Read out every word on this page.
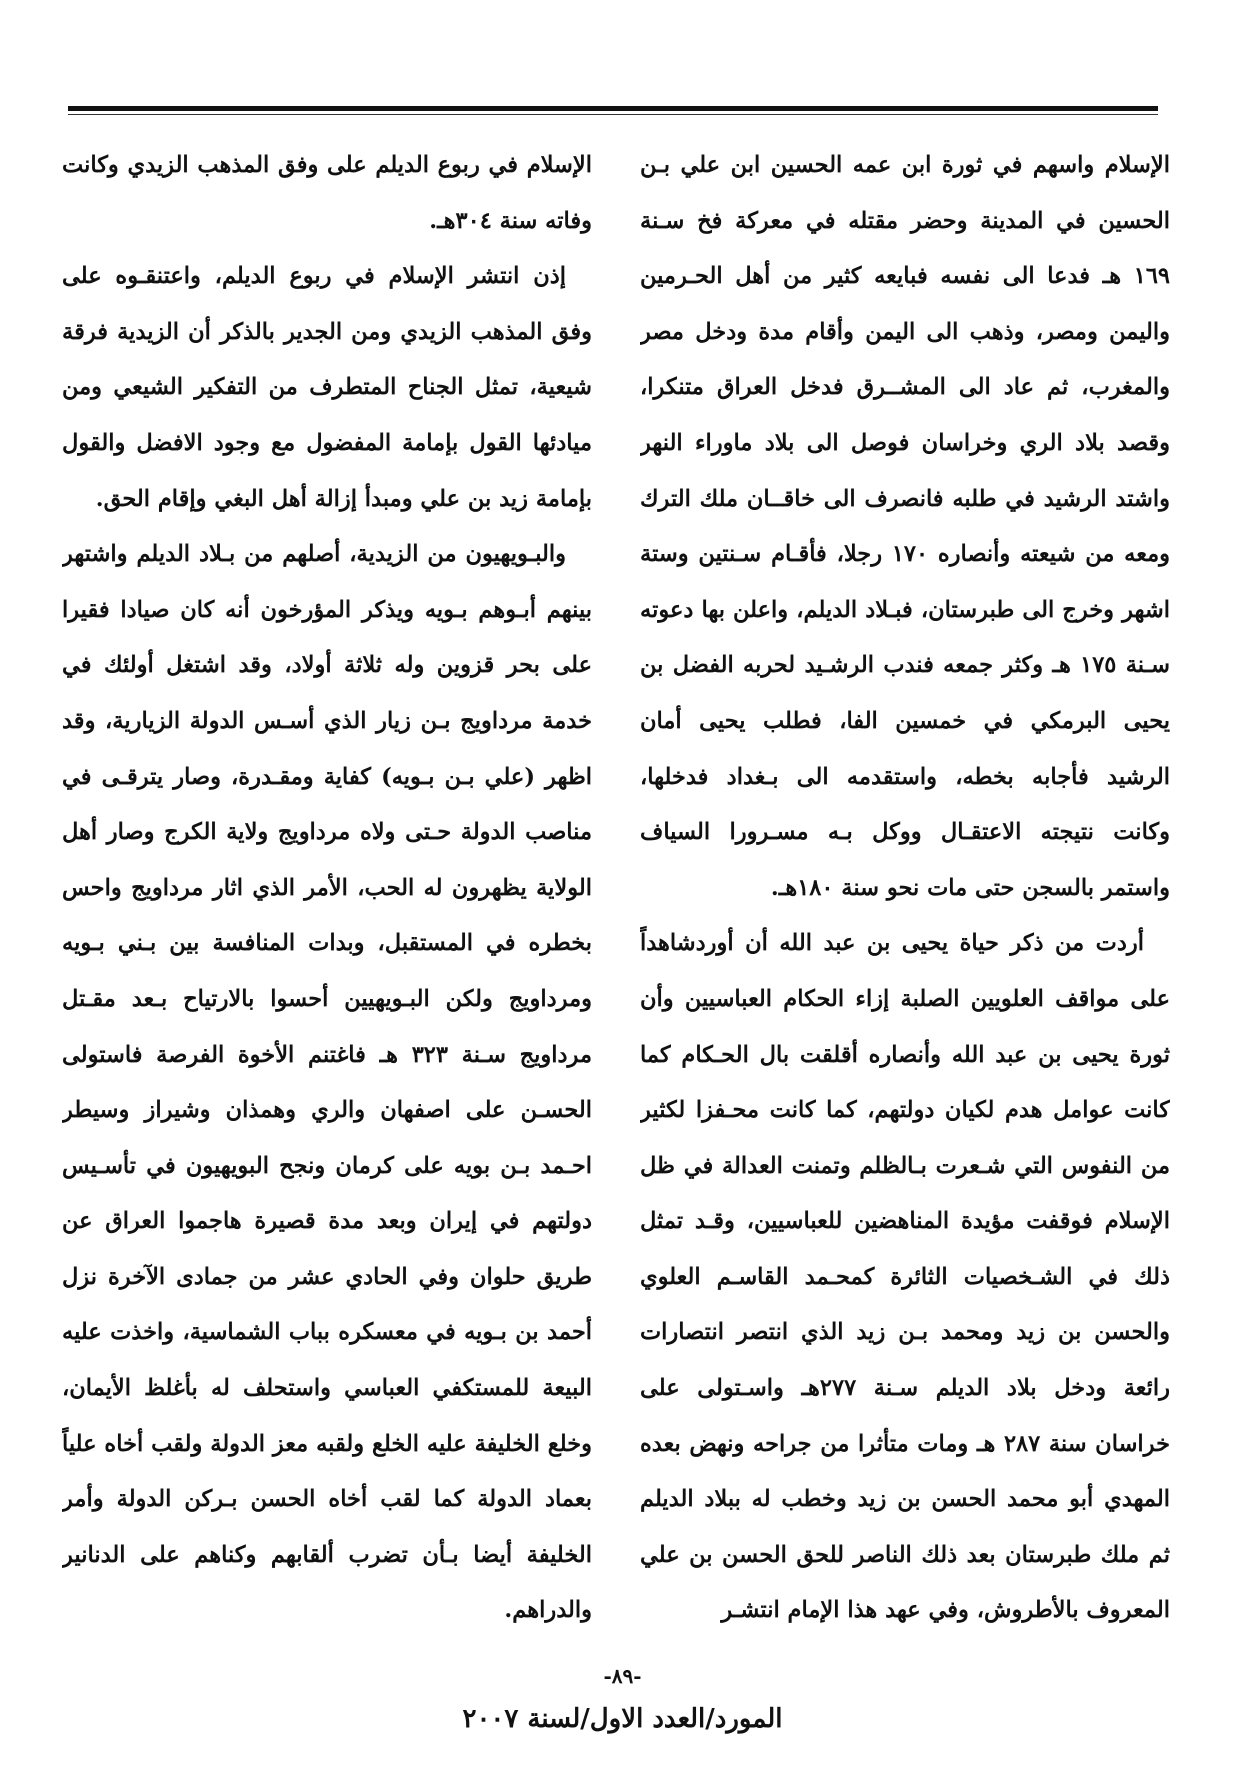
الإسلام واسهم في ثورة ابن عمه الحسين ابن علي بـن الحسين في المدينة وحضر مقتله في معركة فخ سـنة ١٦٩ هـ فدعا الى نفسه فبايعه كثير من أهل الحـرمين واليمن ومصر، وذهب الى اليمن وأقام مدة ودخل مصر والمغرب، ثم عاد الى المشــرق فدخل العراق متنكرا، وقصد بلاد الري وخراسان فوصل الى بلاد ماوراء النهر واشتد الرشيد في طلبه فانصرف الى خاقــان ملك الترك ومعه من شيعته وأنصاره ١٧٠ رجلا، فأقـام سـنتين وستة اشهر وخرج الى طبرستان، فبـلاد الديلم، واعلن بها دعوته سـنة ١٧٥ هـ وكثر جمعه فندب الرشـيد لحربه الفضل بن يحيى البرمكي في خمسين الفا، فطلب يحيى أمان الرشيد فأجابه بخطه، واستقدمه الى بـغداد فدخلها، وكانت نتيجته الاعتقـال ووكل بـه مسـرورا السياف واستمر بالسجن حتى مات نحو سنة ١٨٠هـ.

أردت من ذكر حياة يحيى بن عبد الله أن أوردشاهداً على مواقف العلويين الصلبة إزاء الحكام العباسيين وأن ثورة يحيى بن عبد الله وأنصاره أقلقت بال الحـكام كما كانت عوامل هدم لكيان دولتهم، كما كانت محـفزا لكثير من النفوس التي شـعرت بـالظلم وتمنت العدالة في ظل الإسلام فوقفت مؤيدة المناهضين للعباسيين، وقـد تمثل ذلك في الشـخصيات الثائرة كمحـمد القاسـم العلوي والحسن بن زيد ومحمد بـن زيد الذي انتصر انتصارات رائعة ودخل بلاد الديلم سـنة ٢٧٧هـ واسـتولى على خراسان سنة ٢٨٧ هـ ومات متأثرا من جراحه ونهض بعده المهدي أبو محمد الحسن بن زيد وخطب له ببلاد الديلم ثم ملك طبرستان بعد ذلك الناصر للحق الحسن بن علي المعروف بالأطروش، وفي عهد هذا الإمام انتشـر

الإسلام في ربوع الديلم على وفق المذهب الزيدي وكانت وفاته سنة ٣٠٤هـ.

إذن انتشر الإسلام في ربوع الديلم، واعتنقـوه على وفق المذهب الزيدي ومن الجدير بالذكر أن الزيدية فرقة شيعية، تمثل الجناح المتطرف من التفكير الشيعي ومن ميادئها القول بإمامة المفضول مع وجود الافضل والقول بإمامة زيد بن علي ومبدأ إزالة أهل البغي وإقام الحق.

والبـويهيون من الزيدية، أصلهم من بـلاد الديلم واشتهر بينهم أبـوهم بـويه ويذكر المؤرخون أنه كان صيادا فقيرا على بحر قزوين وله ثلاثة أولاد، وقد اشتغل أولئك في خدمة مرداويج بـن زيار الذي أسـس الدولة الزيارية، وقد اظهر (علي بـن بـويه) كفاية ومقـدرة، وصار يترقـى في مناصب الدولة حـتى ولاه مرداويج ولاية الكرج وصار أهل الولاية يظهرون له الحب، الأمر الذي اثار مرداويج واحس بخطره في المستقبل، وبدات المنافسة بين بـني بـويه ومرداويج ولكن البـويهيين أحسوا بالارتياح بـعد مقـتل مرداويج سـنة ٣٢٣ هـ فاغتنم الأخوة الفرصة فاستولى الحسـن على اصفهان والري وهمذان وشيراز وسيطر احـمد بـن بويه على كرمان ونجح البويهيون في تأسـيس دولتهم في إيران وبعد مدة قصيرة هاجموا العراق عن طريق حلوان وفي الحادي عشر من جمادى الآخرة نزل أحمد بن بـويه في معسكره بباب الشماسية، واخذت عليه البيعة للمستكفي العباسي واستحلف له بأغلظ الأيمان، وخلع الخليفة عليه الخلع ولقبه معز الدولة ولقب أخاه علياً بعماد الدولة كما لقب أخاه الحسن بـركن الدولة وأمر الخليفة أيضا بـأن تضرب ألقابهم وكناهم على الدنانير والدراهم.

-٨٩-
المورد/العدد الاول/لسنة ٢٠٠٧
